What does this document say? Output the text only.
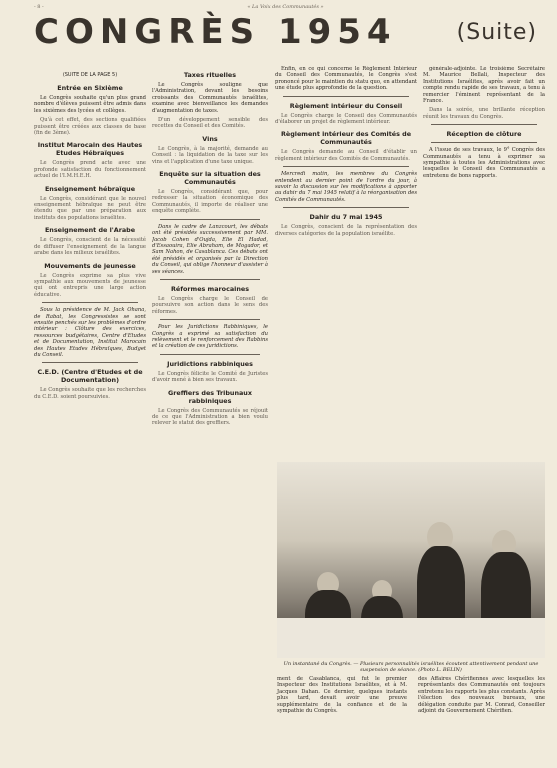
- 8 -	« La Voix des Communautés »
CONGRÈS 1954	(Suite)
(SUITE DE LA PAGE 5)
Entrée en Sixième

Le Congrès souhaite qu'un plus grand nombre d'élèves puissent être admis dans les sixièmes des lycées et collèges.

Qu'à cet effet, des sections qualifiées puissent être créées aux classes de base (fin de 3ème).

Institut Marocain des Hautes Etudes Hébraïques

Le Congrès prend acte avec une profonde satisfaction du fonctionnement actuel de l'I.M.H.E.H.

Enseignement hébraïque

Le Congrès, considérant que le nouvel enseignement hébraïque ne peut être étendu que par une préparation aux instituts des populations israélites.

Enseignement de l'Arabe

Le Congrès, conscient de la nécessité de diffuser l'enseignement de la langue arabe dans les milieux israélites.

Mouvements de jeunesse

Le Congrès exprime sa plus vive sympathie aux mouvements de jeunesse qui ont entrepris une large action éducative.

Sous la présidence de M. Jack Ohana, de Rabat, les Congressistes se sont ensuite penchés sur les problèmes d'ordre intérieur : Clôture des exercices, ressources budgétaires, Centre d'Etudes et de Documentation, Institut Marocain des Hautes Etudes Hébraïques, Budget du Conseil.

C.E.D. (Centre d'Etudes et de Documentation)

Le Congrès souhaite que les recherches du C.E.D. soient poursuivies.

Taxes rituelles

Le Congrès souligne que l'Administration, devant les besoins croissants des Communautés israélites, examine avec bienveillance les demandes d'augmentation de taxes.

D'un développement sensible des recettes du Conseil et des Comités.

Vins

Le Congrès, à la majorité, demande au Conseil : la liquidation de la taxe sur les vins et l'application d'une taxe unique.

Enquête sur la situation des Communautés

Le Congrès, considérant que, pour redresser la situation économique des Communautés, il importe de réaliser une enquête complète.

Dans le cadre de Lanzcourt, les débats ont été présidés successivement par MM. Jacob Cohen d'Oujda, Elie El Hadad, d'Essaouira, Elie Abraham, de Mogador, et Sam Nahon, de Casablanca. Ces débats ont été présidés et organisés par la Direction du Conseil, qui oblige l'honneur d'assister à ses séances.

Réformes marocaines

Le Congrès charge le Conseil de poursuivre son action dans le sens des réformes.

Pour les Juridictions Rabbiniques, le Congrès a exprimé sa satisfaction du relèvement et le renforcement des Rabbins et la création de ces juridictions.

Juridictions rabbiniques

Le Congrès félicite le Comité de Juristes d'avoir mené à bien ses travaux.

Greffiers des Tribunaux rabbiniques

Le Congrès des Communautés se réjouit de ce que l'Administration a bien voulu relever le statut des greffiers.

Enfin, en ce qui concerne le Règlement Intérieur du Conseil des Communautés, le Congrès s'est prononcé pour le maintien du statu quo, en attendant une étude plus approfondie de la question.

Règlement intérieur du Conseil

Le Congrès charge le Conseil des Communautés d'élaborer un projet de règlement intérieur.

Règlement intérieur des Comités de Communautés

Le Congrès demande au Conseil d'établir un règlement intérieur des Comités de Communautés.

Mercredi matin, les membres du Congrès entendent au dernier point de l'ordre du jour, à savoir la discussion sur les modifications à apporter au dahir du 7 mai 1945 relatif à la réorganisation des Comités de Communautés.

Dahir du 7 mai 1945

Le Congrès, conscient de la représentation des diverses catégories de la population israélite.

générale-adjointe. Le troisième Secrétaire M. Maurice Bellali, Inspecteur des Institutions Israélites, après avoir fait un compte rendu rapide de ses travaux, a tenu à remercier l'éminent représentant de la France.

Dans la soirée, une brillante réception réunit les travaux du Congrès.

Réception de clôture

A l'issue de ses travaux, le 9° Congrès des Communautés a tenu à exprimer sa sympathie à toutes les Administrations avec lesquelles le Conseil des Communautés a entretenu de bons rapports.

Un instantané du Congrès. — Plusieurs personnalités israélites écoutent attentivement pendant une suspension de séance. (Photo L. BELIN)
ment de Casablanca, qui fut le premier Inspecteur des Institutions Israélites, et à M. Jacques Dahan. Ce dernier, quelques instants plus tard, devait avoir une preuve supplémentaire de la confiance et de la sympathie du Congrès.
des Affaires Chérifiennes avec lesquelles les représentants des Communautés ont toujours entretenu les rapports les plus constants. Après l'élection des nouveaux bureaux, une délégation conduite par M. Conrad, Conseiller adjoint du Gouvernement Chérifien.
